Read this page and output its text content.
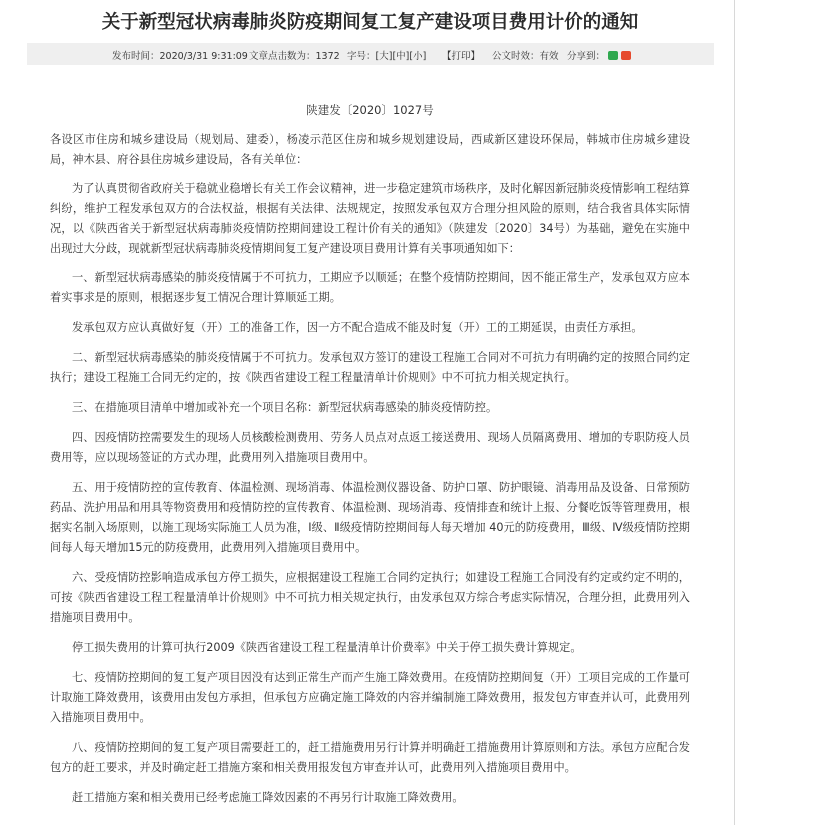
关于新型冠状病毒肺炎防疫期间复工复产建设项目费用计价的通知
发布时间：2020/3/31 9:31:09 文章点击数为：1372 字号：[大][中][小] 【打印】 公文时效：有效 分享到：
陕建发〔2020〕1027号

各设区市住房和城乡建设局（规划局、建委），杨凌示范区住房和城乡规划建设局，西咸新区建设环保局，韩城市住房城乡建设局，神木县、府谷县住房城乡建设局，各有关单位：

为了认真贯彻省政府关于稳就业稳增长有关工作会议精神，进一步稳定建筑市场秩序，及时化解因新冠肺炎疫情影响工程结算纠纷，维护工程发承包双方的合法权益，根据有关法律、法规规定，按照发承包双方合理分担风险的原则，结合我省具体实际情况，以《陕西省关于新型冠状病毒肺炎疫情防控期间建设工程计价有关的通知》（陕建发〔2020〕34号）为基础，避免在实施中出现过大分歧，现就新型冠状病毒肺炎疫情期间复工复产建设项目费用计算有关事项通知如下：

一、新型冠状病毒感染的肺炎疫情属于不可抗力，工期应予以顺延；在整个疫情防控期间，因不能正常生产，发承包双方应本着实事求是的原则，根据逐步复工情况合理计算顺延工期。

发承包双方应认真做好复（开）工的准备工作，因一方不配合造成不能及时复（开）工的工期延误，由责任方承担。

二、新型冠状病毒感染的肺炎疫情属于不可抗力。发承包双方签订的建设工程施工合同对不可抗力有明确约定的按照合同约定执行；建设工程施工合同无约定的，按《陕西省建设工程工程量清单计价规则》中不可抗力相关规定执行。

三、在措施项目清单中增加或补充一个项目名称：新型冠状病毒感染的肺炎疫情防控。

四、因疫情防控需要发生的现场人员核酸检测费用、劳务人员点对点返工接送费用、现场人员隔离费用、增加的专职防疫人员费用等，应以现场签证的方式办理，此费用列入措施项目费用中。

五、用于疫情防控的宣传教育、体温检测、现场消毒、体温检测仪器设备、防护口罩、防护眼镜、消毒用品及设备、日常预防药品、洗护用品和用具等物资费用和疫情防控的宣传教育、体温检测、现场消毒、疫情排查和统计上报、分餐吃饭等管理费用，根据实名制入场原则，以施工现场实际施工人员为准，Ⅰ级、Ⅱ级疫情防控期间每人每天增加 40元的防疫费用，Ⅲ级、Ⅳ级疫情防控期间每人每天增加15元的防疫费用，此费用列入措施项目费用中。

六、受疫情防控影响造成承包方停工损失，应根据建设工程施工合同约定执行；如建设工程施工合同没有约定或约定不明的，可按《陕西省建设工程工程量清单计价规则》中不可抗力相关规定执行，由发承包双方综合考虑实际情况，合理分担，此费用列入措施项目费用中。

停工损失费用的计算可执行2009《陕西省建设工程工程量清单计价费率》中关于停工损失费计算规定。

七、疫情防控期间的复工复产项目因没有达到正常生产而产生施工降效费用。在疫情防控期间复（开）工项目完成的工作量可计取施工降效费用，该费用由发包方承担，但承包方应确定施工降效的内容并编制施工降效费用，报发包方审查并认可，此费用列入措施项目费用中。

八、疫情防控期间的复工复产项目需要赶工的，赶工措施费用另行计算并明确赶工措施费用计算原则和方法。承包方应配合发包方的赶工要求，并及时确定赶工措施方案和相关费用报发包方审查并认可，此费用列入措施项目费用中。

赶工措施方案和相关费用已经考虑施工降效因素的不再另行计取施工降效费用。
